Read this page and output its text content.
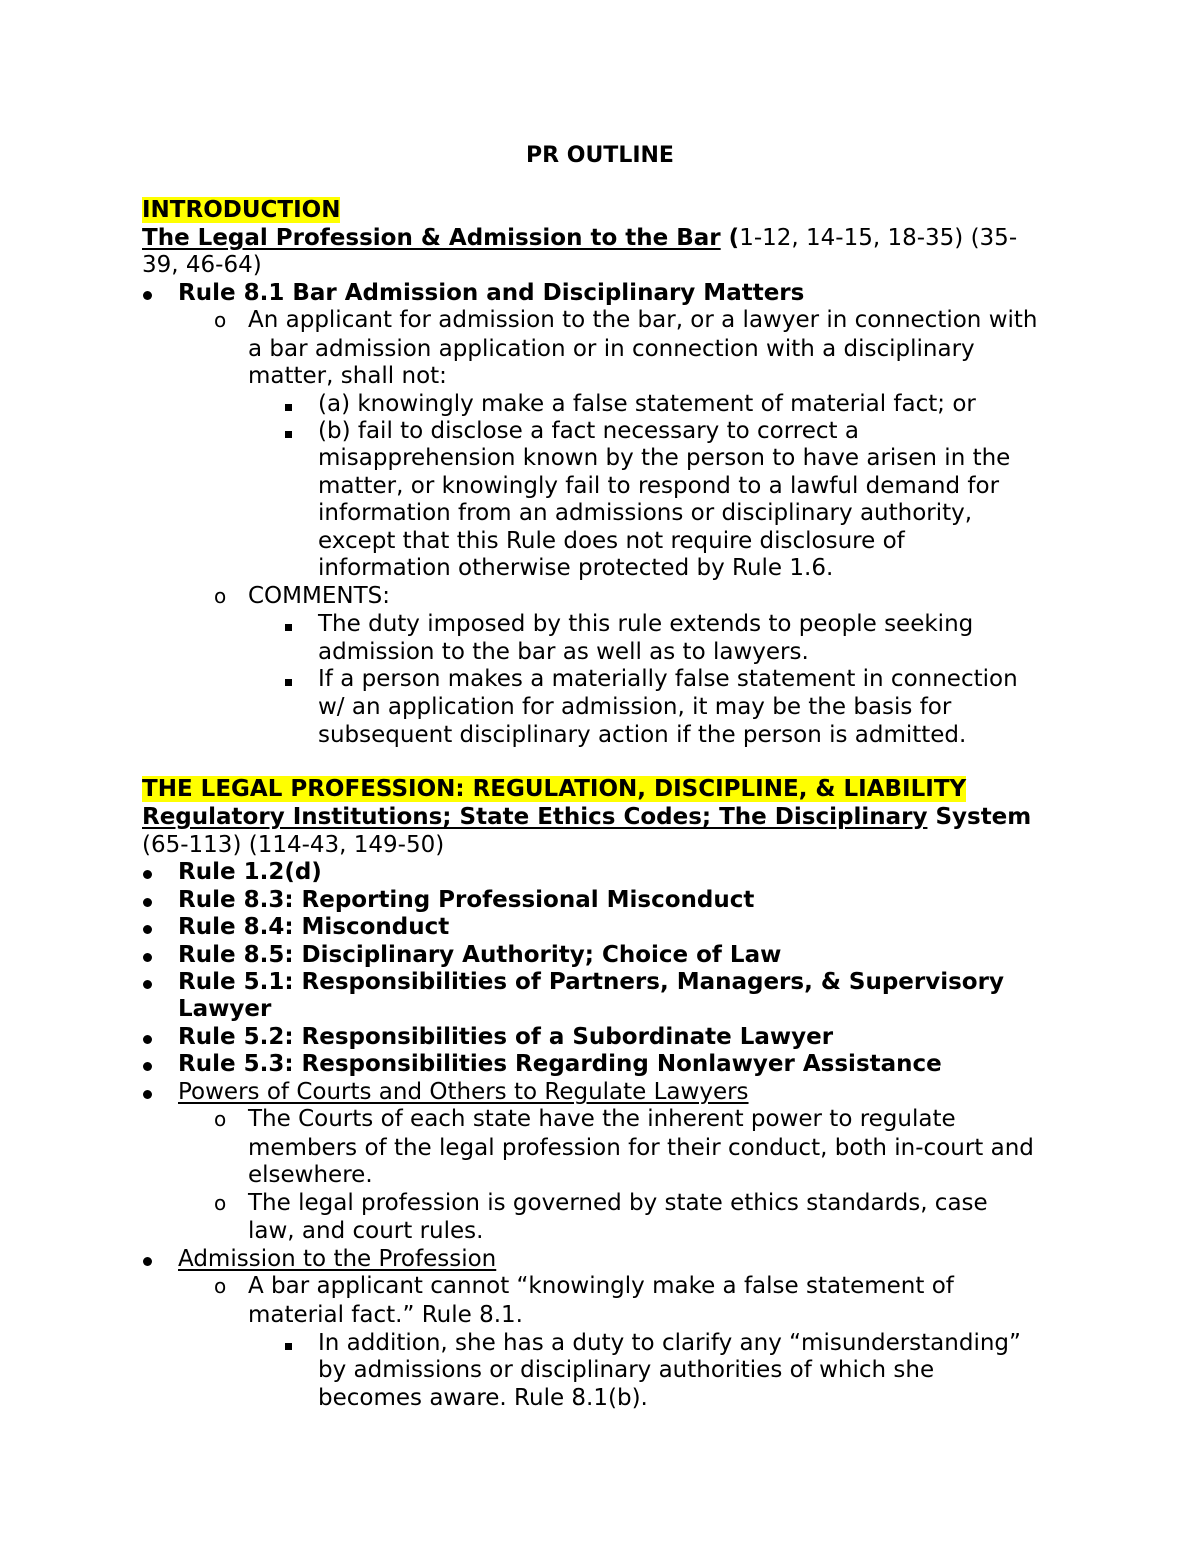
PR OUTLINE
INTRODUCTION
The Legal Profession & Admission to the Bar (1-12, 14-15, 18-35) (35-
39, 46-64)
Rule 8.1 Bar Admission and Disciplinary Matters
o An applicant for admission to the bar, or a lawyer in connection with
a bar admission application or in connection with a disciplinary
matter, shall not:
(a) knowingly make a false statement of material fact; or
(b) fail to disclose a fact necessary to correct a
misapprehension known by the person to have arisen in the
matter, or knowingly fail to respond to a lawful demand for
information from an admissions or disciplinary authority,
except that this Rule does not require disclosure of
information otherwise protected by Rule 1.6.
o COMMENTS:
The duty imposed by this rule extends to people seeking
admission to the bar as well as to lawyers.
If a person makes a materially false statement in connection
w/ an application for admission, it may be the basis for
subsequent disciplinary action if the person is admitted.
THE LEGAL PROFESSION: REGULATION, DISCIPLINE, & LIABILITY
Regulatory Institutions; State Ethics Codes; The Disciplinary System
(65-113) (114-43, 149-50)
Rule 1.2(d)
Rule 8.3: Reporting Professional Misconduct
Rule 8.4: Misconduct
Rule 8.5: Disciplinary Authority; Choice of Law
Rule 5.1: Responsibilities of Partners, Managers, & Supervisory
Lawyer
Rule 5.2: Responsibilities of a Subordinate Lawyer
Rule 5.3: Responsibilities Regarding Nonlawyer Assistance
Powers of Courts and Others to Regulate Lawyers
o The Courts of each state have the inherent power to regulate
members of the legal profession for their conduct, both in-court and
elsewhere.
o The legal profession is governed by state ethics standards, case
law, and court rules.
Admission to the Profession
o A bar applicant cannot “knowingly make a false statement of
material fact.” Rule 8.1.
In addition, she has a duty to clarify any “misunderstanding”
by admissions or disciplinary authorities of which she
becomes aware. Rule 8.1(b).
